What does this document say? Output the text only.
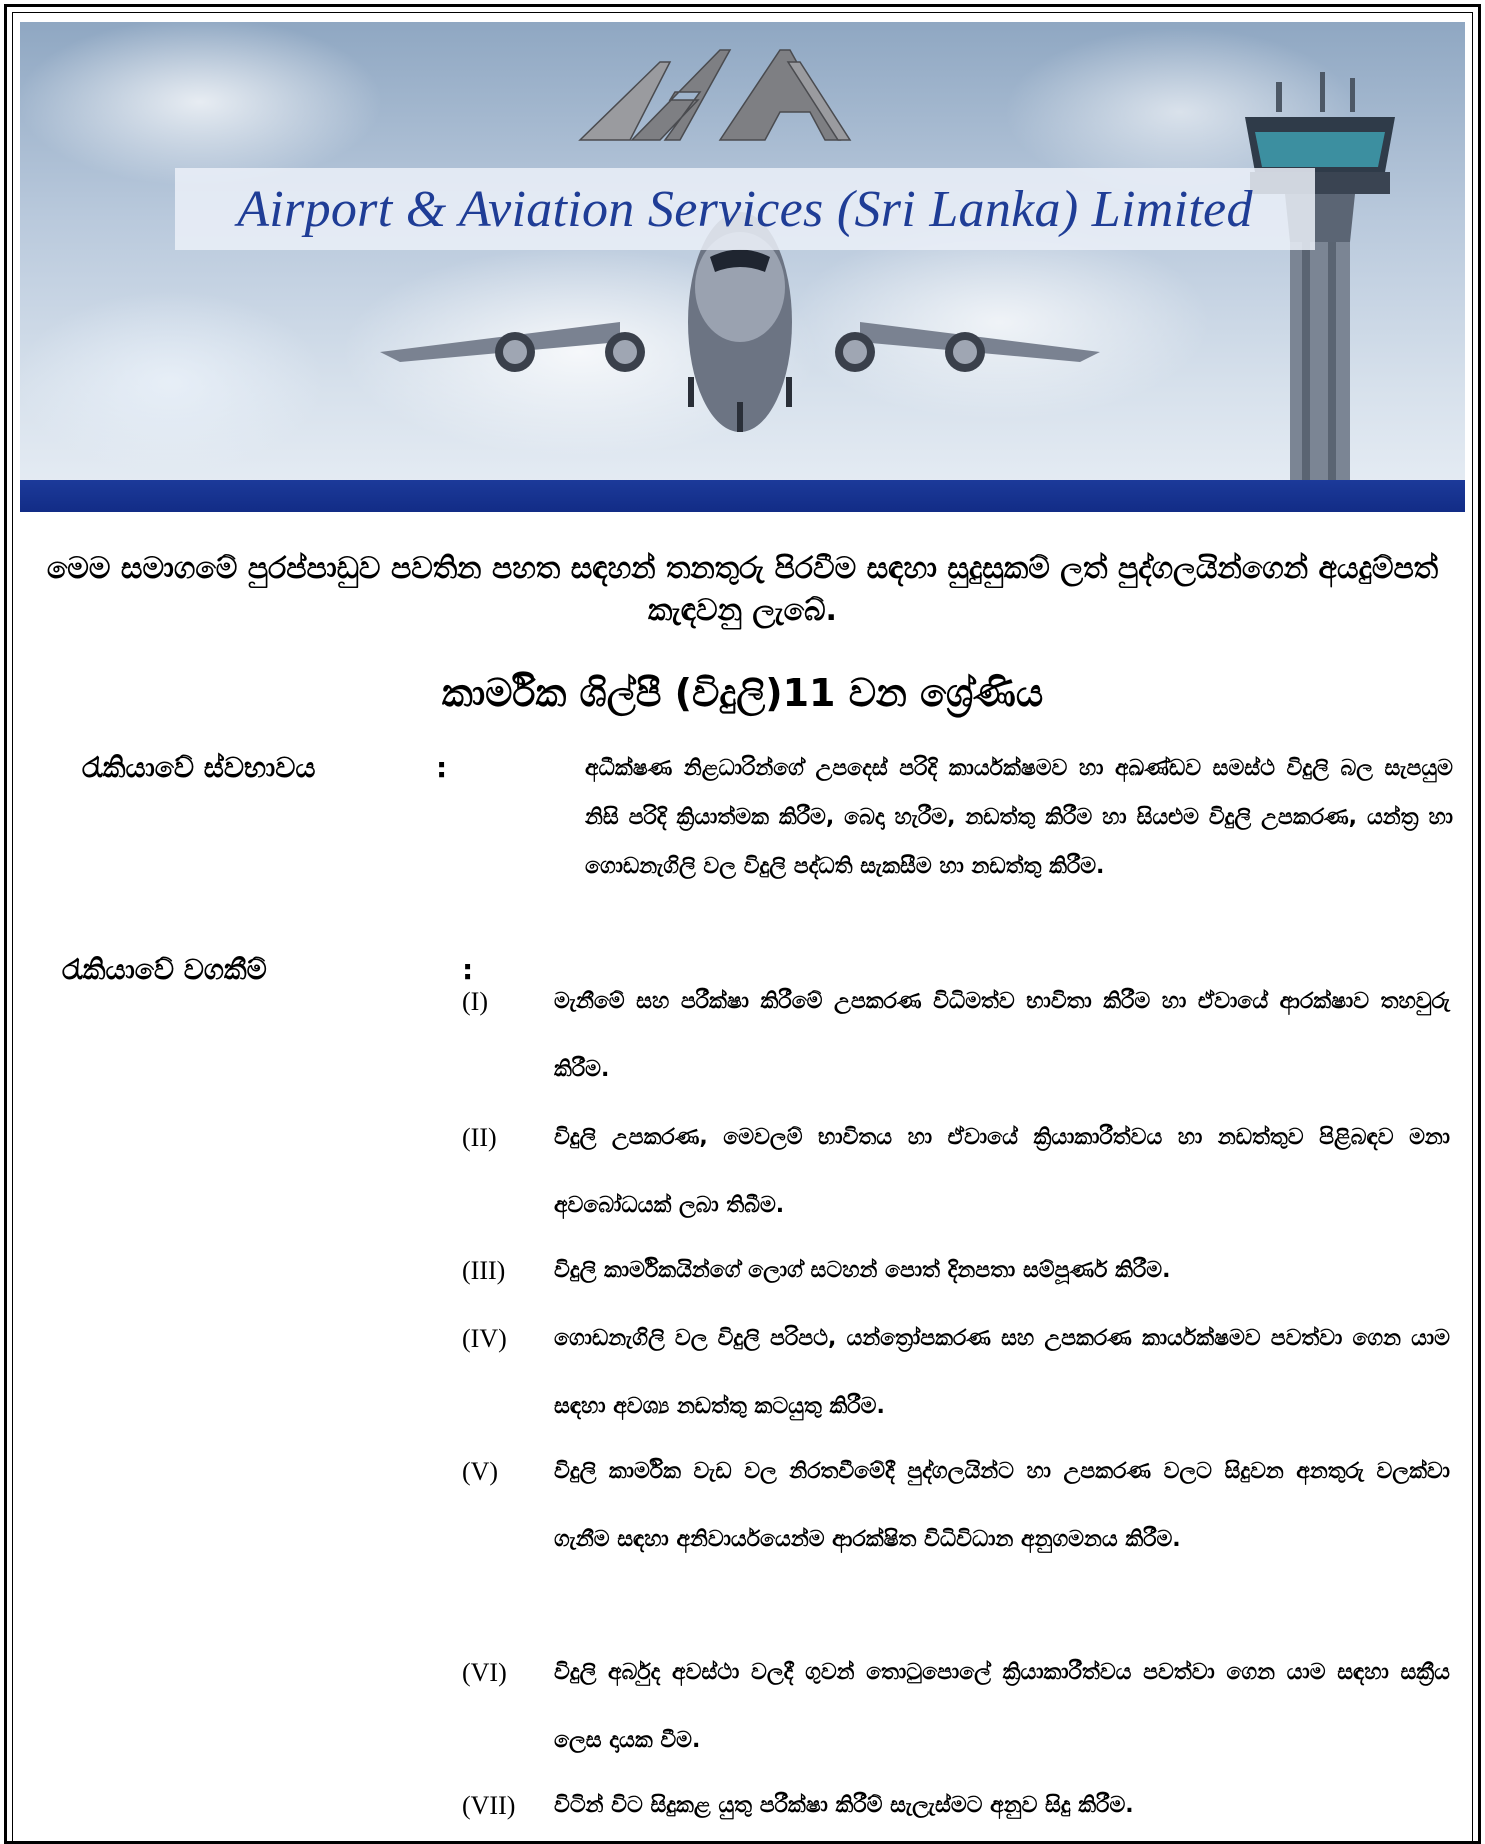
Airport & Aviation Services (Sri Lanka) Limited
මෙම සමාගමේ පුරප්පාඩුව පවතින පහත සඳහන් තනතුරු පිරවීම සඳහා සුදුසුකම් ලත් පුද්ගලයින්ගෙන් අයදුම්පත් කැඳවනු ලැබේ.
කාර්මික ශිල්පී (විදුලි)11 වන ශ්‍රේණිය
රැකියාවේ ස්වභාවය	:	අධීක්ෂණ නිළධාරින්ගේ උපදෙස් පරිදි කාර්යක්ෂමව හා අඛණ්ඩව සමස්ථ විදුලි බල සැපයුම නිසි පරිදි ක්‍රියාත්මක කිරීම, බෙදා හැරීම, නඩත්තු කිරීම හා සියළුම විදුලි උපකරණ, යන්ත්‍ර හා ගොඩනැගිලි වල විදුලි පද්ධති සැකසීම හා නඩත්තු කිරීම.
රැකියාවේ වගකීම්	:
(I)	මැනීමේ සහ පරීක්ෂා කිරීමේ උපකරණ විධිමත්ව භාවිතා කිරීම හා ඒවායේ ආරක්ෂාව තහවුරු කිරීම.
(II)	විදුලි උපකරණ, මෙවලම් භාවිතය හා ඒවායේ ක්‍රියාකාරීත්වය හා නඩත්තුව පිළිබඳව මනා අවබෝධයක් ලබා තිබීම.
(III) විදුලි කාර්මිකයින්ගේ ලොග් සටහන් පොත් දිනපතා සම්පූර්ණ කිරීම.
(IV) ගොඩනැගිලි වල විදුලි පරිපථ, යන්ත්‍රෝපකරණ සහ උපකරණ කාර්යක්ෂමව පවත්වා ගෙන යාම සඳහා අවශ්‍ය නඩත්තු කටයුතු කිරීම.
(V)	විදුලි කාර්මික වැඩ වල නිරතවීමේදී පුද්ගලයින්ට හා උපකරණ වලට සිදුවන අනතුරු වලක්වා ගැනීම සඳහා අනිවාර්යයෙන්ම ආරක්ෂිත විධිවිධාන අනුගමනය කිරීම.
(VI) විදුලි අර්බුද අවස්ථා වලදී ගුවන් තොටුපොලේ ක්‍රියාකාරීත්වය පවත්වා ගෙන යාම සඳහා සක්‍රීය ලෙස දායක වීම.
(VII) විටින් විට සිදුකළ යුතු පරීක්ෂා කිරීම් සැලැස්මට අනුව සිදු කිරීම.
